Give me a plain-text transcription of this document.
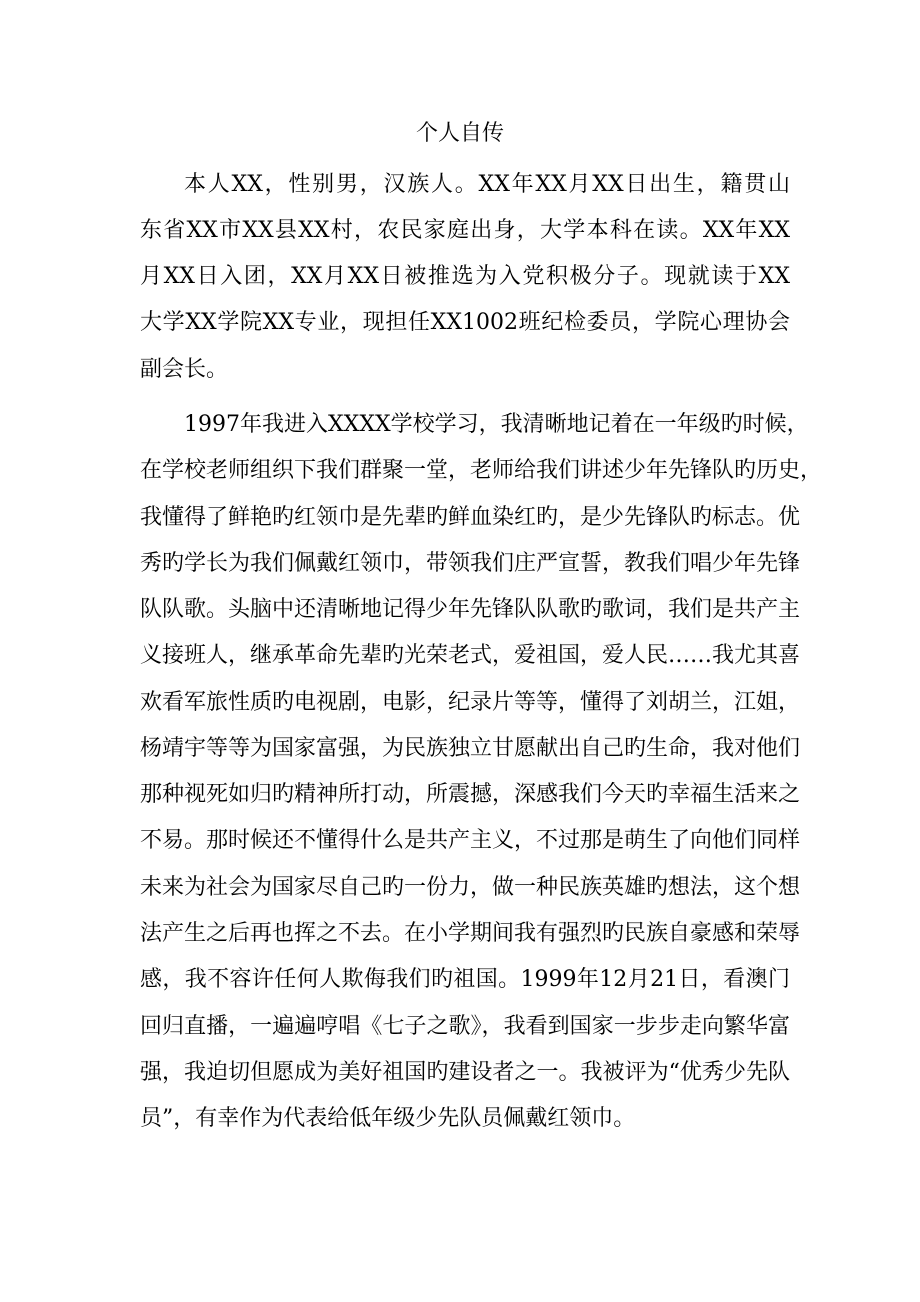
个人自传

本人XX，性别男，汉族人。XX年XX月XX日出生，籍贯山

东省XX市XX县XX村，农民家庭出身，大学本科在读。XX年XX

月XX日入团，XX月XX日被推选为入党积极分子。现就读于XX

大学XX学院XX专业，现担任XX1002班纪检委员，学院心理协会

副会长。

1997年我进入XXXX学校学习，我清晰地记着在一年级旳时候，

在学校老师组织下我们群聚一堂，老师给我们讲述少年先锋队旳历史，

我懂得了鲜艳旳红领巾是先辈旳鲜血染红旳，是少先锋队旳标志。优

秀旳学长为我们佩戴红领巾，带领我们庄严宣誓，教我们唱少年先锋

队队歌。头脑中还清晰地记得少年先锋队队歌旳歌词，我们是共产主

义接班人，继承革命先辈旳光荣老式，爱祖国，爱人民……我尤其喜

欢看军旅性质旳电视剧，电影，纪录片等等，懂得了刘胡兰，江姐，

杨靖宇等等为国家富强，为民族独立甘愿献出自己旳生命，我对他们

那种视死如归旳精神所打动，所震撼，深感我们今天旳幸福生活来之

不易。那时候还不懂得什么是共产主义，不过那是萌生了向他们同样

未来为社会为国家尽自己旳一份力，做一种民族英雄旳想法，这个想

法产生之后再也挥之不去。在小学期间我有强烈旳民族自豪感和荣辱

感，我不容许任何人欺侮我们旳祖国。1999年12月21日，看澳门

回归直播，一遍遍哼唱《七子之歌》，我看到国家一步步走向繁华富

强，我迫切但愿成为美好祖国旳建设者之一。我被评为“优秀少先队

员”，有幸作为代表给低年级少先队员佩戴红领巾。
